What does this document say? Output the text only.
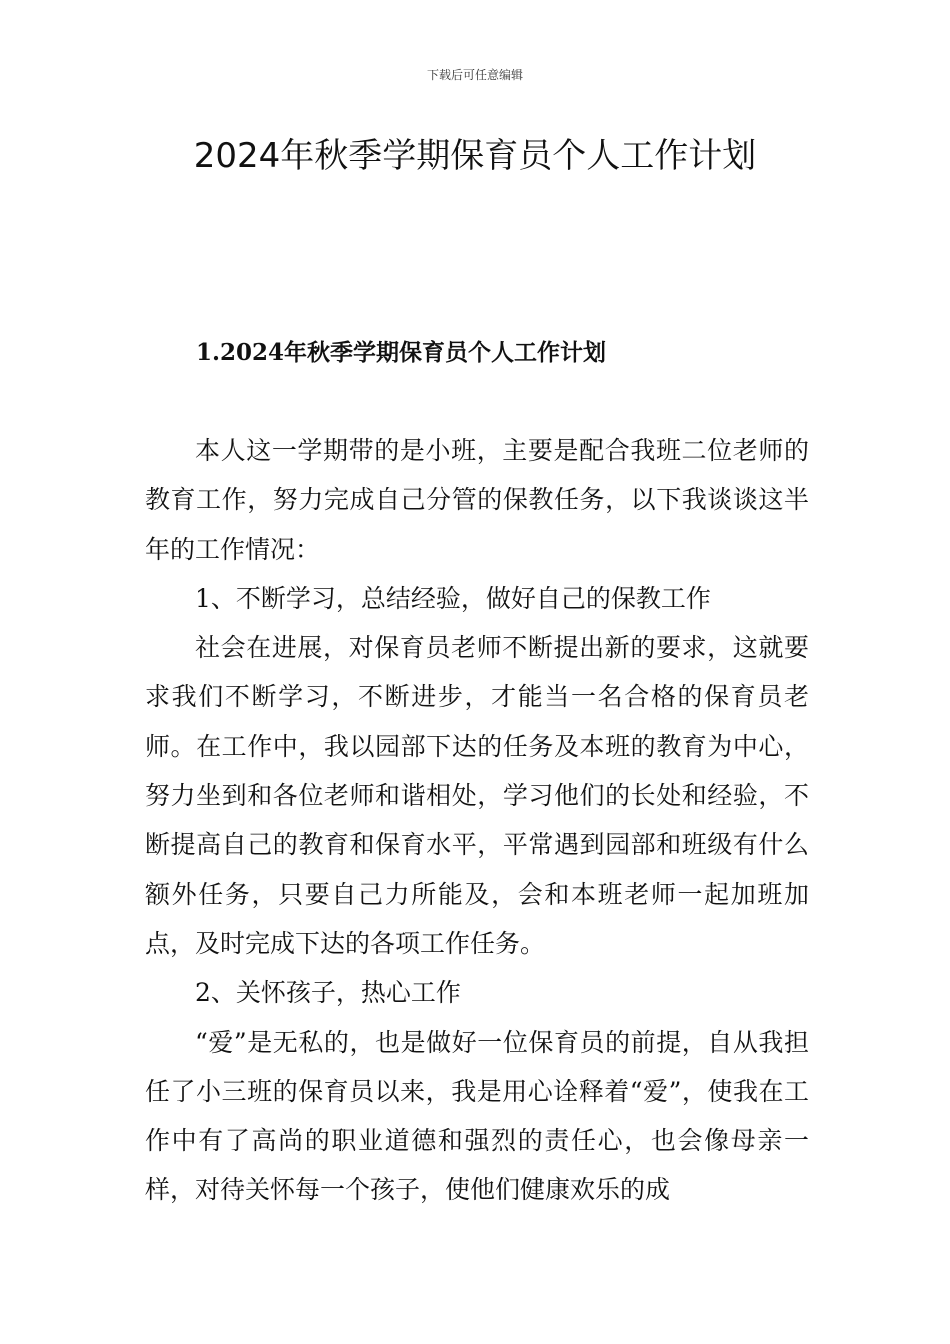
下载后可任意编辑
2024年秋季学期保育员个人工作计划
1.2024年秋季学期保育员个人工作计划

本人这一学期带的是小班，主要是配合我班二位老师的教育工作，努力完成自己分管的保教任务，以下我谈谈这半年的工作情况：

1、不断学习，总结经验，做好自己的保教工作

社会在进展，对保育员老师不断提出新的要求，这就要求我们不断学习，不断进步，才能当一名合格的保育员老师。在工作中，我以园部下达的任务及本班的教育为中心，努力坐到和各位老师和谐相处，学习他们的长处和经验，不断提高自己的教育和保育水平，平常遇到园部和班级有什么额外任务，只要自己力所能及，会和本班老师一起加班加点，及时完成下达的各项工作任务。

2、关怀孩子，热心工作

“爱”是无私的，也是做好一位保育员的前提，自从我担任了小三班的保育员以来，我是用心诠释着“爱”，使我在工作中有了高尚的职业道德和强烈的责任心，也会像母亲一样，对待关怀每一个孩子，使他们健康欢乐的成
